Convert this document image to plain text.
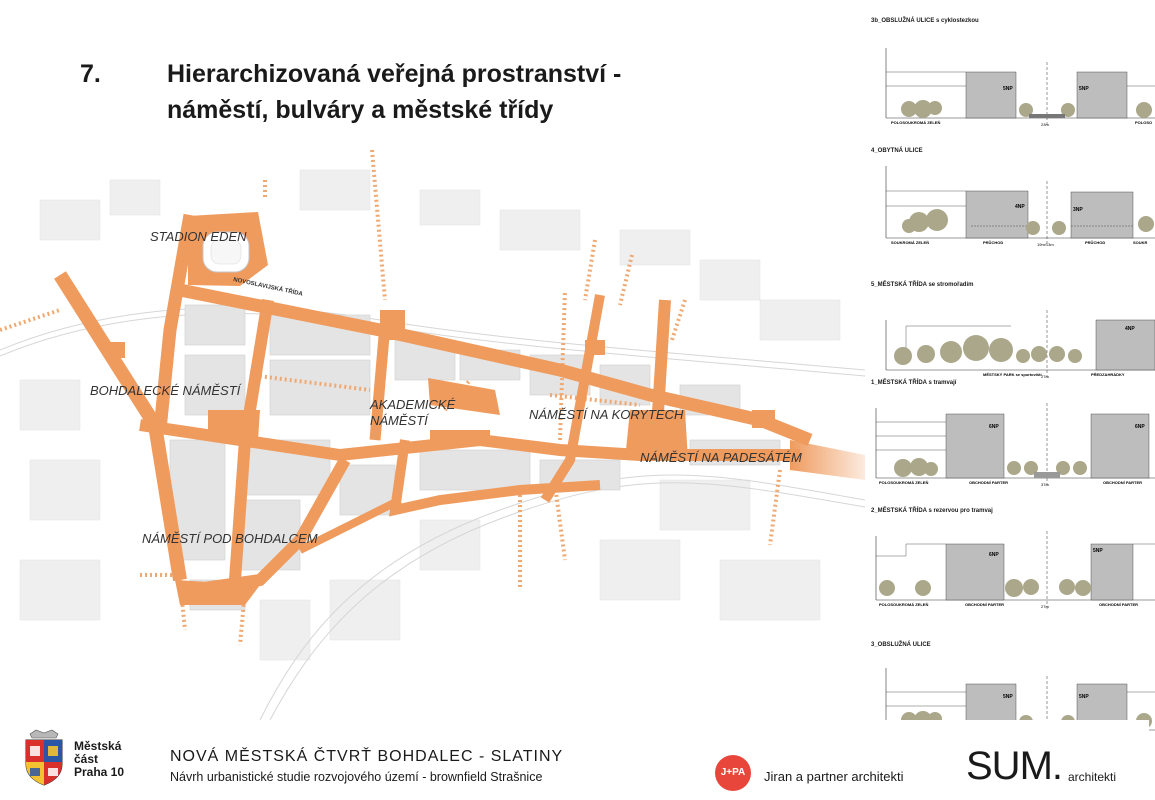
7.	Hierarchizovaná veřejná prostranství -
náměstí, bulváry a městské třídy
STADION EDEN
NOVOSLAVIJSKÁ TŘÍDA
BOHDALECKÉ NÁMĚSTÍ
AKADEMICKÉ
NÁMĚSTÍ	NÁMĚSTÍ NA KORYTECH
NÁMĚSTÍ NA PADESÁTÉM
NÁMĚSTÍ POD BOHDALCEM
3b_OBSLUŽNÁ ULICE s cyklostezkou
5NP	5NP
POLOSOUKROMÁ ZELEŇ	POLOSO
23m
4_OBYTNÁ ULICE
4NP	3NP
SOUKROMÁ ZELEŇ	PRŮCHOD	PRŮCHOD	SOUKR
19m/13m
5_MĚSTSKÁ TŘÍDA se stromořadím
4NP
MĚSTSKÝ PARK se sportovišti	PŘEDZAHRÁDKY
27m
1_MĚSTSKÁ TŘÍDA s tramvají
6NP	6NP
POLOSOUKROMÁ ZELEŇ	OBCHODNÍ PARTER	OBCHODNÍ PARTER
37m
2_MĚSTSKÁ TŘÍDA s rezervou pro tramvaj
6NP
5NP
POLOSOUKROMÁ ZELEŇ	OBCHODNÍ PARTER	OBCHODNÍ PARTER
27m
3_OBSLUŽNÁ ULICE
5NP	5NP
Městská
část
Praha 10
NOVÁ MĚSTSKÁ ČTVRŤ BOHDALEC - SLATINY
Návrh urbanistické studie rozvojového území - brownfield Strašnice	J+PA	Jiran a partner architekti SUM. architekti
